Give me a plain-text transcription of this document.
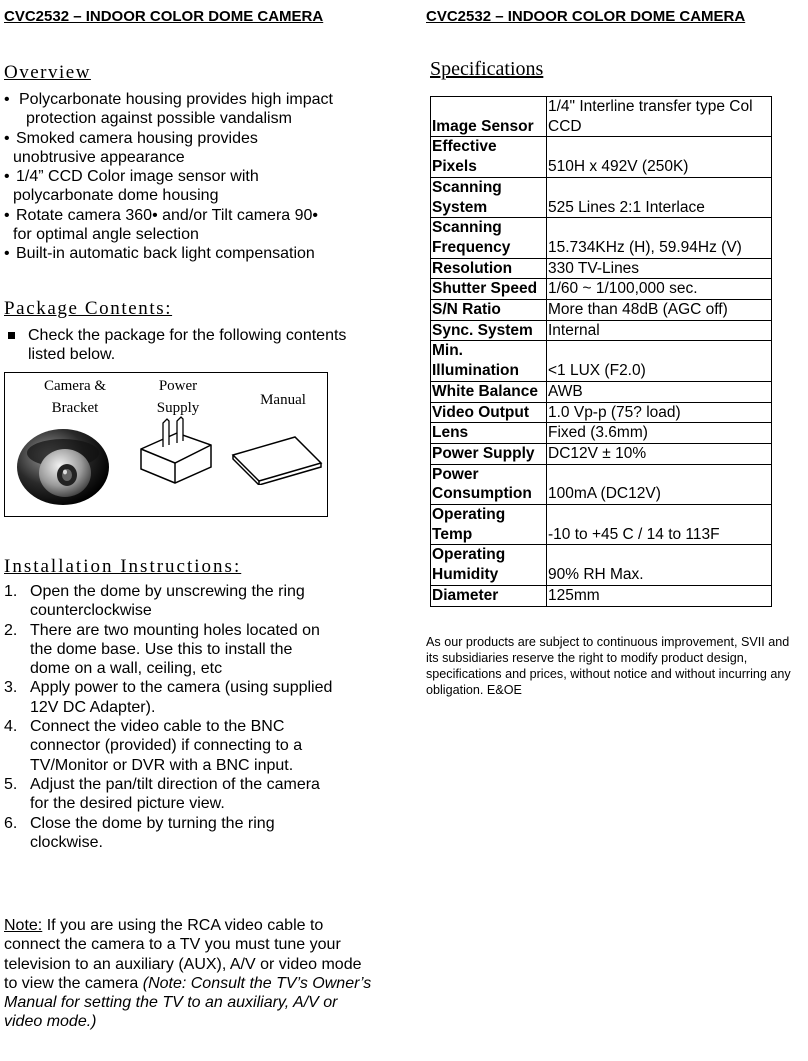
CVC2532 – INDOOR COLOR DOME CAMERA	CVC2532 – INDOOR COLOR DOME CAMERA
Overview
• Polycarbonate housing provides high impact
protection against possible vandalism
• Smoked camera housing provides
unobtrusive appearance
• 1/4” CCD Color image sensor with
polycarbonate dome housing
• Rotate camera 360• and/or Tilt camera 90•
for optimal angle selection
• Built-in automatic back light compensation
Package Contents:
Check the package for the following contents
listed below.
Camera &
Bracket
Power
Supply	Manual
Installation Instructions:
1. Open the dome by unscrewing the ring
counterclockwise
2. There are two mounting holes located on
the dome base. Use this to install the
dome on a wall, ceiling, etc
3. Apply power to the camera (using supplied
12V DC Adapter).
4. Connect the video cable to the BNC
connector (provided) if connecting to a
TV/Monitor or DVR with a BNC input.
5. Adjust the pan/tilt direction of the camera
for the desired picture view.
6. Close the dome by turning the ring
clockwise.
Note: If you are using the RCA video cable to connect the camera to a TV you must tune your television to an auxiliary (AUX), A/V or video mode to view the camera (Note: Consult the TV’s Owner’s Manual for setting the TV to an auxiliary, A/V or video mode.)
Specifications
Image Sensor	1/4" Interline transfer type Col
CCD

Effective
Pixels	510H x 492V (250K)

Scanning
System	525 Lines 2:1 Interlace

Scanning
Frequency	15.734KHz (H), 59.94Hz (V)

Resolution	330 TV-Lines

Shutter Speed	1/60 ~ 1/100,000 sec.

S/N Ratio	More than 48dB (AGC off)

Sync. System	Internal

Min.
Illumination	<1 LUX (F2.0)

White Balance	AWB

Video Output	1.0 Vp-p (75? load)

Lens	Fixed (3.6mm)

Power Supply	DC12V ± 10%

Power
Consumption	100mA (DC12V)

Operating
Temp	-10 to +45 C / 14 to 113F

Operating
Humidity	90% RH Max.

Diameter	125mm
As our products are subject to continuous improvement, SVII and its subsidiaries reserve the right to modify product design, specifications and prices, without notice and without incurring any obligation. E&OE
